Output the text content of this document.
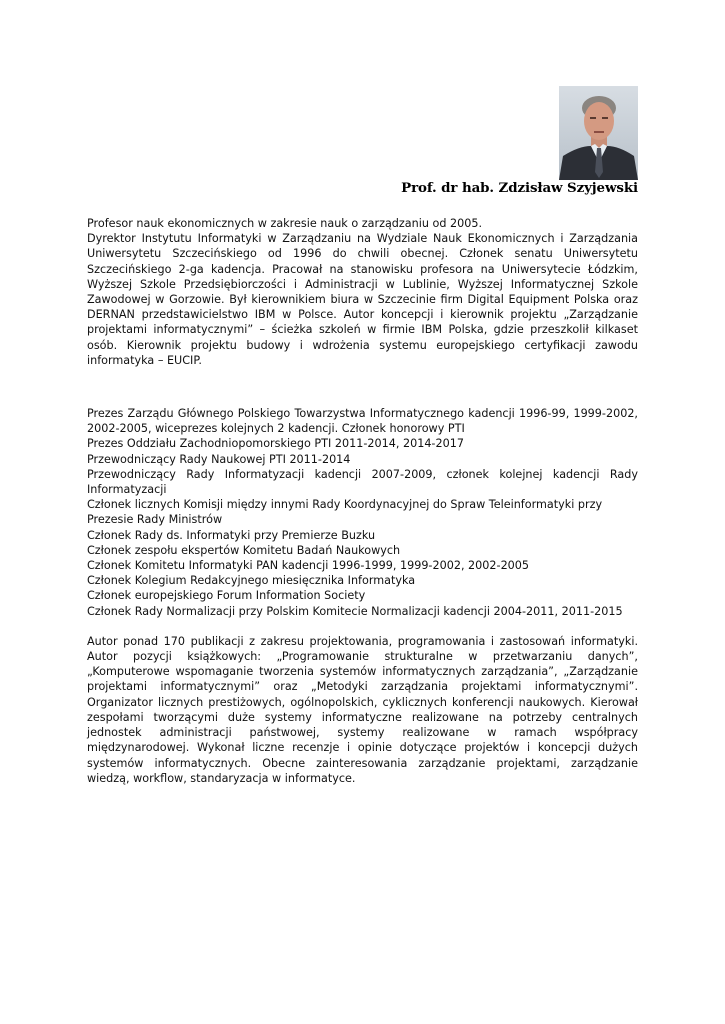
Prof. dr hab. Zdzisław Szyjewski

Profesor nauk ekonomicznych w zakresie nauk o zarządzaniu od 2005.

Dyrektor Instytutu Informatyki w Zarządzaniu na Wydziale Nauk Ekonomicznych i Zarządzania Uniwersytetu Szczecińskiego od 1996 do chwili obecnej. Członek senatu Uniwersytetu Szczecińskiego 2-ga kadencja. Pracował na stanowisku profesora na Uniwersytecie Łódzkim, Wyższej Szkole Przedsiębiorczości i Administracji w Lublinie, Wyższej Informatycznej Szkole Zawodowej w Gorzowie. Był kierownikiem biura w Szczecinie firm Digital Equipment Polska oraz DERNAN przedstawicielstwo IBM w Polsce. Autor koncepcji i kierownik projektu „Zarządzanie projektami informatycznymi” – ścieżka szkoleń w firmie IBM Polska, gdzie przeszkolił kilkaset osób. Kierownik projektu budowy i wdrożenia systemu europejskiego certyfikacji zawodu informatyka – EUCIP.

Prezes Zarządu Głównego Polskiego Towarzystwa Informatycznego kadencji 1996-99, 1999-2002, 2002-2005, wiceprezes kolejnych 2 kadencji. Członek honorowy PTI

Prezes Oddziału Zachodniopomorskiego PTI 2011-2014, 2014-2017

Przewodniczący Rady Naukowej PTI 2011-2014

Przewodniczący Rady Informatyzacji kadencji 2007-2009, członek kolejnej kadencji Rady Informatyzacji

Członek licznych Komisji między innymi Rady Koordynacyjnej do Spraw Teleinformatyki przy Prezesie Rady Ministrów

Członek Rady ds. Informatyki przy Premierze Buzku

Członek zespołu ekspertów Komitetu Badań Naukowych

Członek Komitetu Informatyki PAN kadencji 1996-1999, 1999-2002, 2002-2005

Członek Kolegium Redakcyjnego miesięcznika Informatyka

Członek europejskiego Forum Information Society

Członek Rady Normalizacji przy Polskim Komitecie Normalizacji kadencji 2004-2011, 2011-2015

Autor ponad 170 publikacji z zakresu projektowania, programowania i zastosowań informatyki. Autor pozycji książkowych: „Programowanie strukturalne w przetwarzaniu danych”, „Komputerowe wspomaganie tworzenia systemów informatycznych zarządzania”, „Zarządzanie projektami informatycznymi” oraz „Metodyki zarządzania projektami informatycznymi”. Organizator licznych prestiżowych, ogólnopolskich, cyklicznych konferencji naukowych. Kierował zespołami tworzącymi duże systemy informatyczne realizowane na potrzeby centralnych jednostek administracji państwowej, systemy realizowane w ramach współpracy międzynarodowej. Wykonał liczne recenzje i opinie dotyczące projektów i koncepcji dużych systemów informatycznych. Obecne zainteresowania zarządzanie projektami, zarządzanie wiedzą, workflow, standaryzacja w informatyce.
